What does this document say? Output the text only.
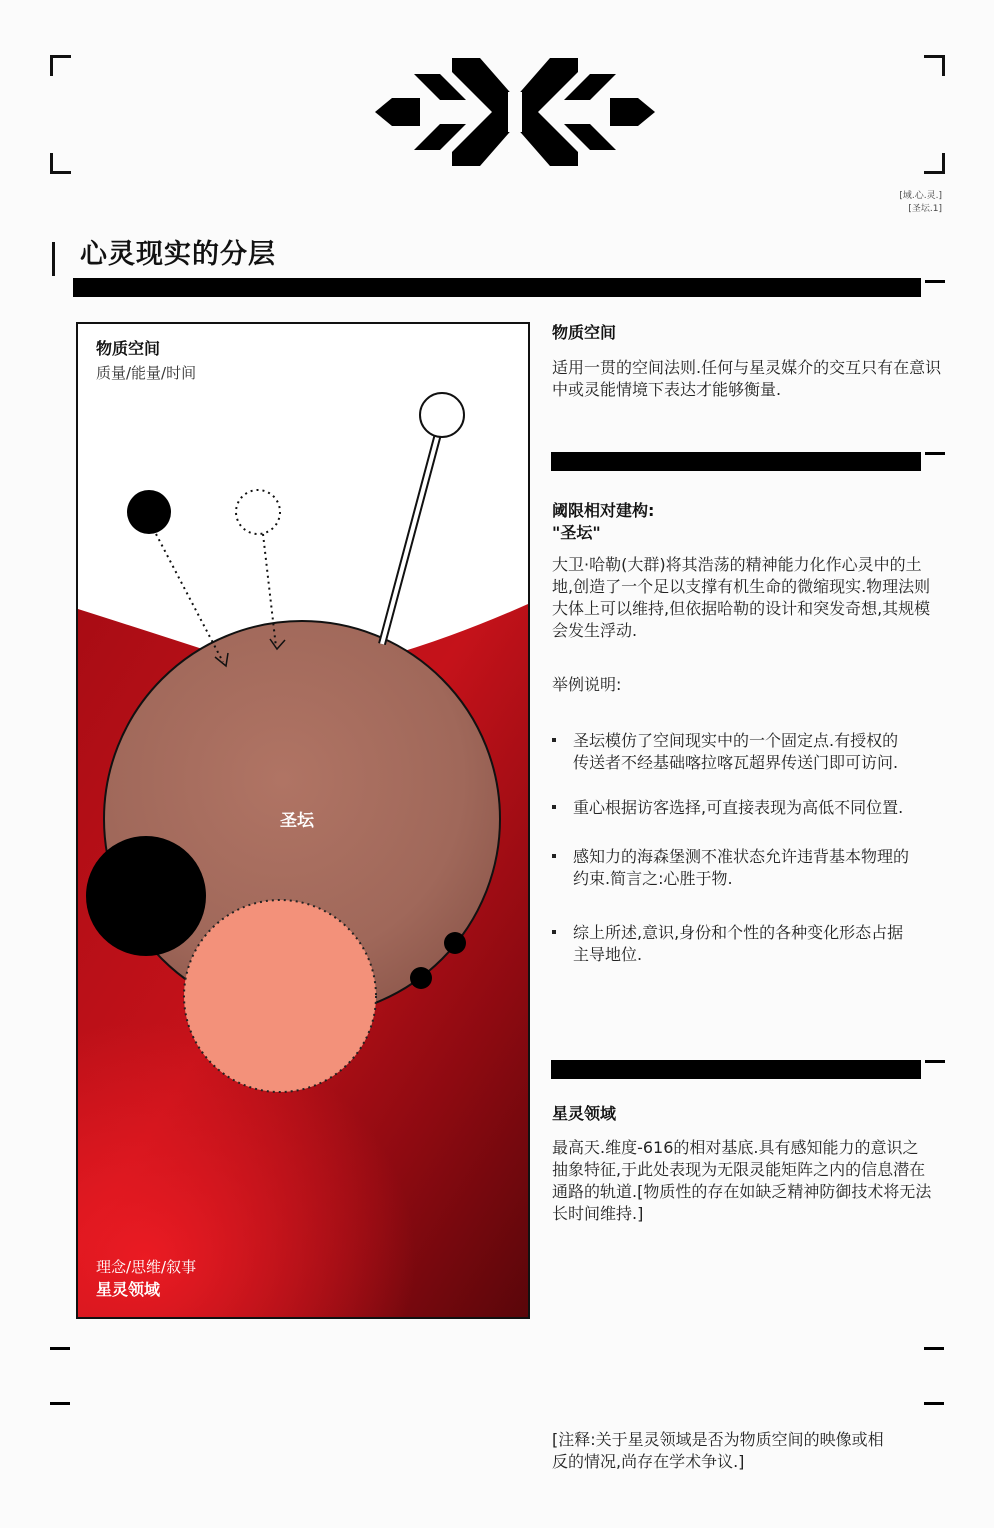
[域.心.灵.]
[圣坛.1]
心灵现实的分层
物质空间
质量/能量/时间
圣坛
理念/思维/叙事
星灵领域
物质空间
适用一贯的空间法则.任何与星灵媒介的交互只有在意识中或灵能情境下表达才能够衡量.
阈限相对建构:
"圣坛"
大卫·哈勒(大群)将其浩荡的精神能力化作心灵中的土地,创造了一个足以支撑有机生命的微缩现实.物理法则大体上可以维持,但依据哈勒的设计和突发奇想,其规模会发生浮动.
举例说明:
圣坛模仿了空间现实中的一个固定点.有授权的传送者不经基础喀拉喀瓦超界传送门即可访问.
重心根据访客选择,可直接表现为高低不同位置.
感知力的海森堡测不准状态允许违背基本物理的约束.简言之:心胜于物.
综上所述,意识,身份和个性的各种变化形态占据主导地位.
星灵领域
最高天.维度-616的相对基底.具有感知能力的意识之抽象特征,于此处表现为无限灵能矩阵之内的信息潜在通路的轨道.[物质性的存在如缺乏精神防御技术将无法长时间维持.]
[注释:关于星灵领域是否为物质空间的映像或相反的情况,尚存在学术争议.]
